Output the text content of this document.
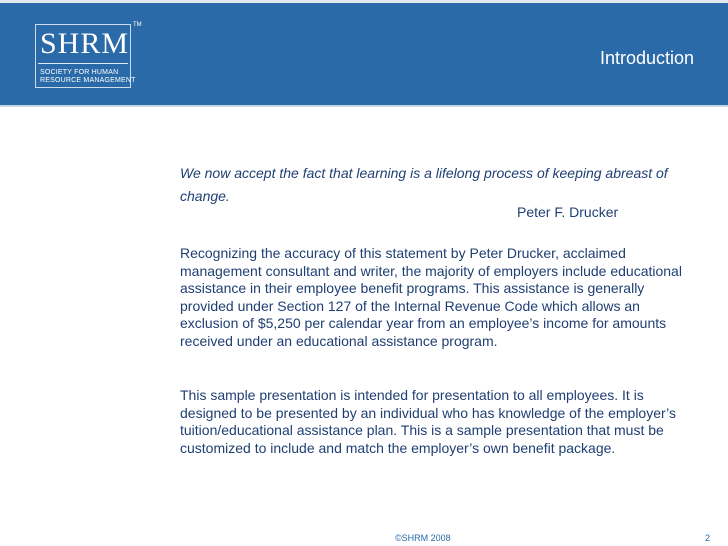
SHRM
SOCIETY FOR HUMAN
RESOURCE MANAGEMENT
TM
Introduction
We now accept the fact that learning is a lifelong process of keeping abreast of change.
Peter F. Drucker
Recognizing the accuracy of this statement by Peter Drucker, acclaimed management consultant and writer, the majority of employers include educational assistance in their employee benefit programs. This assistance is generally provided under Section 127 of the Internal Revenue Code which allows an exclusion of $5,250 per calendar year from an employee’s income for amounts received under an educational assistance program.
This sample presentation is intended for presentation to all employees. It is designed to be presented by an individual who has knowledge of the employer’s tuition/educational assistance plan. This is a sample presentation that must be customized to include and match the employer’s own benefit package.
©SHRM 2008	2
